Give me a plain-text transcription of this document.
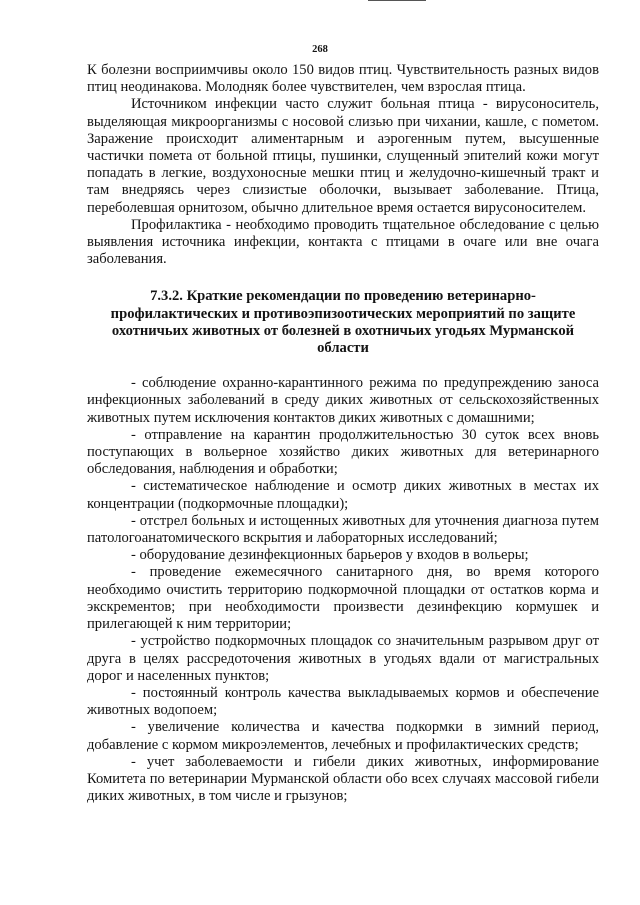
268

К болезни восприимчивы около 150 видов птиц. Чувствительность разных видов птиц неодинакова. Молодняк более чувствителен, чем взрослая птица.

Источником инфекции часто служит больная птица - вирусоноситель, выделяющая микроорганизмы с носовой слизью при чихании, кашле, с пометом. Заражение происходит алиментарным и аэрогенным путем, высушенные частички помета от больной птицы, пушинки, слущенный эпителий кожи могут попадать в легкие, воздухоносные мешки птиц и желудочно-кишечный тракт и там внедряясь через слизистые оболочки, вызывает заболевание. Птица, переболевшая орнитозом, обычно длительное время остается вирусоносителем.

Профилактика - необходимо проводить тщательное обследование с целью выявления источника инфекции, контакта с птицами в очаге или вне очага заболевания.

7.3.2. Краткие рекомендации по проведению ветеринарно-профилактических и противоэпизоотических мероприятий по защите охотничьих животных от болезней в охотничьих угодьях Мурманской области

- соблюдение охранно-карантинного режима по предупреждению заноса инфекционных заболеваний в среду диких животных от сельскохозяйственных животных путем исключения контактов диких животных с домашними;

- отправление на карантин продолжительностью 30 суток всех вновь поступающих в вольерное хозяйство диких животных для ветеринарного обследования, наблюдения и обработки;

- систематическое наблюдение и осмотр диких животных в местах их концентрации (подкормочные площадки);

- отстрел больных и истощенных животных для уточнения диагноза путем патологоанатомического вскрытия и лабораторных исследований;

- оборудование дезинфекционных барьеров у входов в вольеры;

- проведение ежемесячного санитарного дня, во время которого необходимо очистить территорию подкормочной площадки от остатков корма и экскрементов; при необходимости произвести дезинфекцию кормушек и прилегающей к ним территории;

- устройство подкормочных площадок со значительным разрывом друг от друга в целях рассредоточения животных в угодьях вдали от магистральных дорог и населенных пунктов;

- постоянный контроль качества выкладываемых кормов и обеспечение животных водопоем;

- увеличение количества и качества подкормки в зимний период, добавление с кормом микроэлементов, лечебных и профилактических средств;

- учет заболеваемости и гибели диких животных, информирование Комитета по ветеринарии Мурманской области обо всех случаях массовой гибели диких животных, в том числе и грызунов;
